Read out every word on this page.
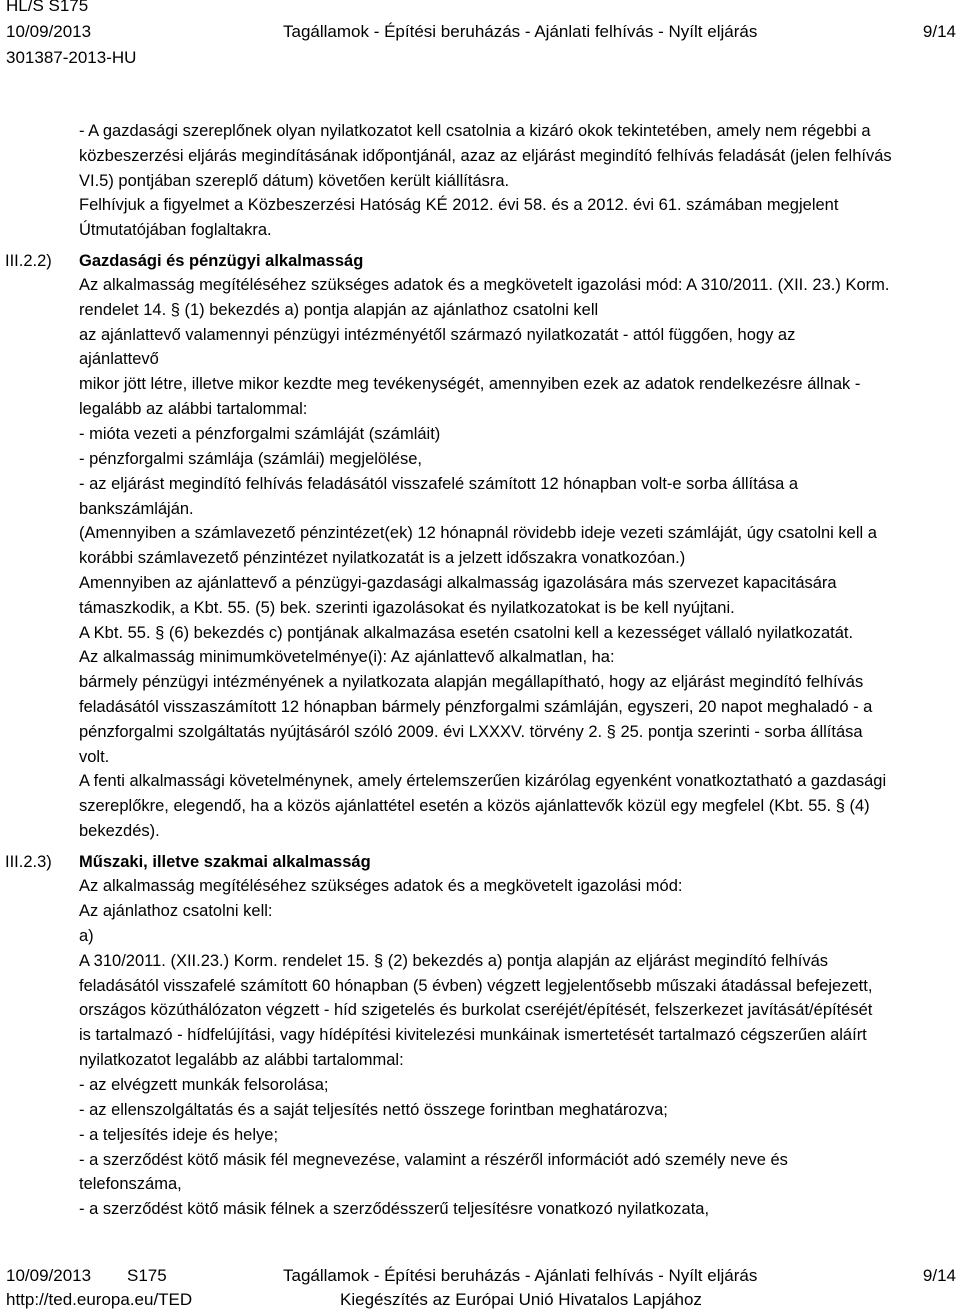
HL/S S175
10/09/2013	Tagállamok - Építési beruházás - Ajánlati felhívás - Nyílt eljárás	9/14
301387-2013-HU
- A gazdasági szereplőnek olyan nyilatkozatot kell csatolnia a kizáró okok tekintetében, amely nem régebbi a
közbeszerzési eljárás megindításának időpontjánál, azaz az eljárást megindító felhívás feladását (jelen felhívás
VI.5) pontjában szereplő dátum) követően került kiállításra.
Felhívjuk a figyelmet a Közbeszerzési Hatóság KÉ 2012. évi 58. és a 2012. évi 61. számában megjelent
Útmutatójában foglaltakra.
III.2.2) Gazdasági és pénzügyi alkalmasság
Az alkalmasság megítéléséhez szükséges adatok és a megkövetelt igazolási mód: A 310/2011. (XII. 23.) Korm.
rendelet 14. § (1) bekezdés a) pontja alapján az ajánlathoz csatolni kell
az ajánlattevő valamennyi pénzügyi intézményétől származó nyilatkozatát - attól függően, hogy az
ajánlattevő
mikor jött létre, illetve mikor kezdte meg tevékenységét, amennyiben ezek az adatok rendelkezésre állnak -
legalább az alábbi tartalommal:
- mióta vezeti a pénzforgalmi számláját (számláit)
- pénzforgalmi számlája (számlái) megjelölése,
- az eljárást megindító felhívás feladásától visszafelé számított 12 hónapban volt-e sorba állítása a
bankszámláján.
(Amennyiben a számlavezető pénzintézet(ek) 12 hónapnál rövidebb ideje vezeti számláját, úgy csatolni kell a
korábbi számlavezető pénzintézet nyilatkozatát is a jelzett időszakra vonatkozóan.)
Amennyiben az ajánlattevő a pénzügyi-gazdasági alkalmasság igazolására más szervezet kapacitására
támaszkodik, a Kbt. 55. (5) bek. szerinti igazolásokat és nyilatkozatokat is be kell nyújtani.
A Kbt. 55. § (6) bekezdés c) pontjának alkalmazása esetén csatolni kell a kezességet vállaló nyilatkozatát.
Az alkalmasság minimumkövetelménye(i): Az ajánlattevő alkalmatlan, ha:
bármely pénzügyi intézményének a nyilatkozata alapján megállapítható, hogy az eljárást megindító felhívás
feladásától visszaszámított 12 hónapban bármely pénzforgalmi számláján, egyszeri, 20 napot meghaladó - a
pénzforgalmi szolgáltatás nyújtásáról szóló 2009. évi LXXXV. törvény 2. § 25. pontja szerinti - sorba állítása
volt.
A fenti alkalmassági követelménynek, amely értelemszerűen kizárólag egyenként vonatkoztatható a gazdasági
szereplőkre, elegendő, ha a közös ajánlattétel esetén a közös ajánlattevők közül egy megfelel (Kbt. 55. § (4)
bekezdés).
III.2.3) Műszaki, illetve szakmai alkalmasság
Az alkalmasság megítéléséhez szükséges adatok és a megkövetelt igazolási mód:
Az ajánlathoz csatolni kell:
a)
A 310/2011. (XII.23.) Korm. rendelet 15. § (2) bekezdés a) pontja alapján az eljárást megindító felhívás
feladásától visszafelé számított 60 hónapban (5 évben) végzett legjelentősebb műszaki átadással befejezett,
országos közúthálózaton végzett - híd szigetelés és burkolat cseréjét/építését, felszerkezet javítását/építését
is tartalmazó - hídfelújítási, vagy hídépítési kivitelezési munkáinak ismertetését tartalmazó cégszerűen aláírt
nyilatkozatot legalább az alábbi tartalommal:
- az elvégzett munkák felsorolása;
- az ellenszolgáltatás és a saját teljesítés nettó összege forintban meghatározva;
- a teljesítés ideje és helye;
- a szerződést kötő másik fél megnevezése, valamint a részéről információt adó személy neve és
telefonszáma,
- a szerződést kötő másik félnek a szerződésszerű teljesítésre vonatkozó nyilatkozata,
10/09/2013 S175	Tagállamok - Építési beruházás - Ajánlati felhívás - Nyílt eljárás	9/14
http://ted.europa.eu/TED	Kiegészítés az Európai Unió Hivatalos Lapjához
